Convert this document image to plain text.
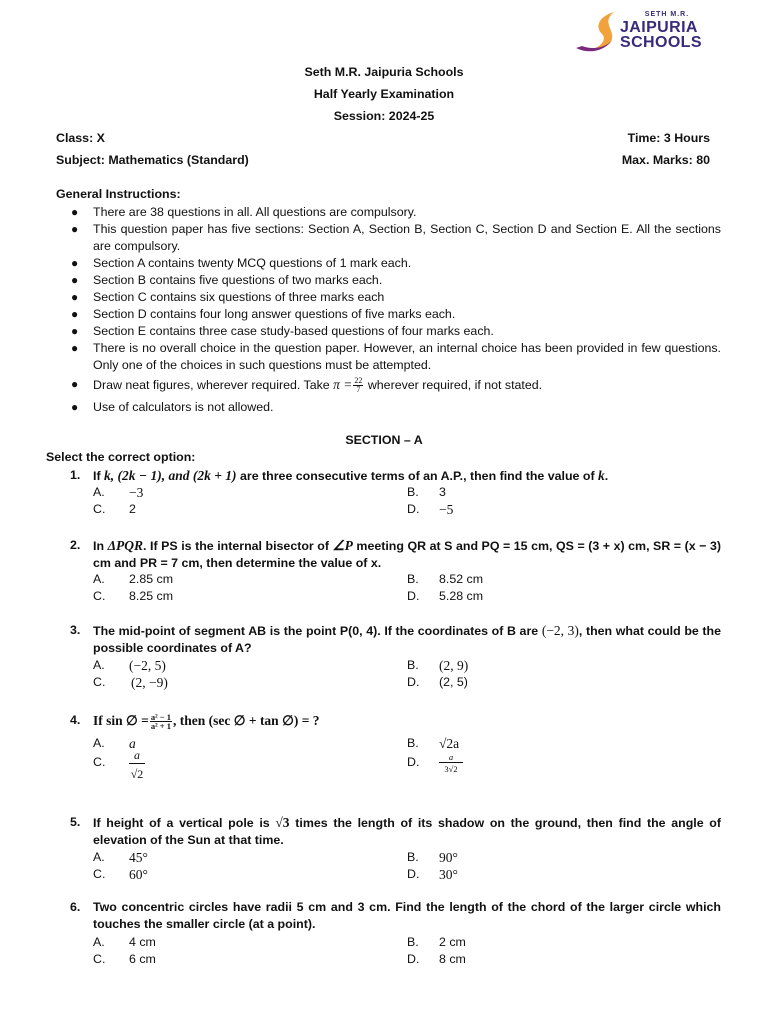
SETH M.R.
JAIPURIA
SCHOOLS
Seth M.R. Jaipuria Schools
Half Yearly Examination
Session: 2024-25
Class: X	Time: 3 Hours
Subject: Mathematics (Standard)	Max. Marks: 80
General Instructions:
● There are 38 questions in all. All questions are compulsory.
● This question paper has five sections: Section A, Section B, Section C, Section D and Section E. All the sections are compulsory.
● Section A contains twenty MCQ questions of 1 mark each.
● Section B contains five questions of two marks each.
● Section C contains six questions of three marks each
● Section D contains four long answer questions of five marks each.
● Section E contains three case study-based questions of four marks each.
● There is no overall choice in the question paper. However, an internal choice has been provided in few questions. Only one of the choices in such questions must be attempted.
● Draw neat figures, wherever required. Take $\pi = \frac{22}{7}$ wherever required, if not stated.
● Use of calculators is not allowed.
SECTION – A
Select the correct option:
1. If k, (2k − 1), and (2k + 1) are three consecutive terms of an A.P., then find the value of k.
A. −3	B. 3
C. 2	D. −5
2. In ΔPQR. If PS is the internal bisector of ∠P meeting QR at S and PQ = 15 cm, QS = (3 + x) cm, SR = (x − 3) cm and PR = 7 cm, then determine the value of x.
A. 2.85 cm	B. 8.52 cm
C. 8.25 cm	D. 5.28 cm
3. The mid-point of segment AB is the point P(0, 4). If the coordinates of B are (−2, 3), then what could be the possible coordinates of A?
A. (−2, 5)	B. (2, 9)
C. (2, −9)	D. (2, 5)
4. If sin ∅ = $\frac{\text{a² − 1}}{\text{a² + 1}}$ , then (sec ∅ + tan ∅) = ?
A. a	B. √2a
C.	a
√2
D.	a
3√2
5. If height of a vertical pole is √3 times the length of its shadow on the ground, then find the angle of elevation of the Sun at that time.
A. 45°	B. 90°
C. 60°	D. 30°
6. Two concentric circles have radii 5 cm and 3 cm. Find the length of the chord of the larger circle which touches the smaller circle (at a point).
A. 4 cm	B. 2 cm
C. 6 cm	D. 8 cm
